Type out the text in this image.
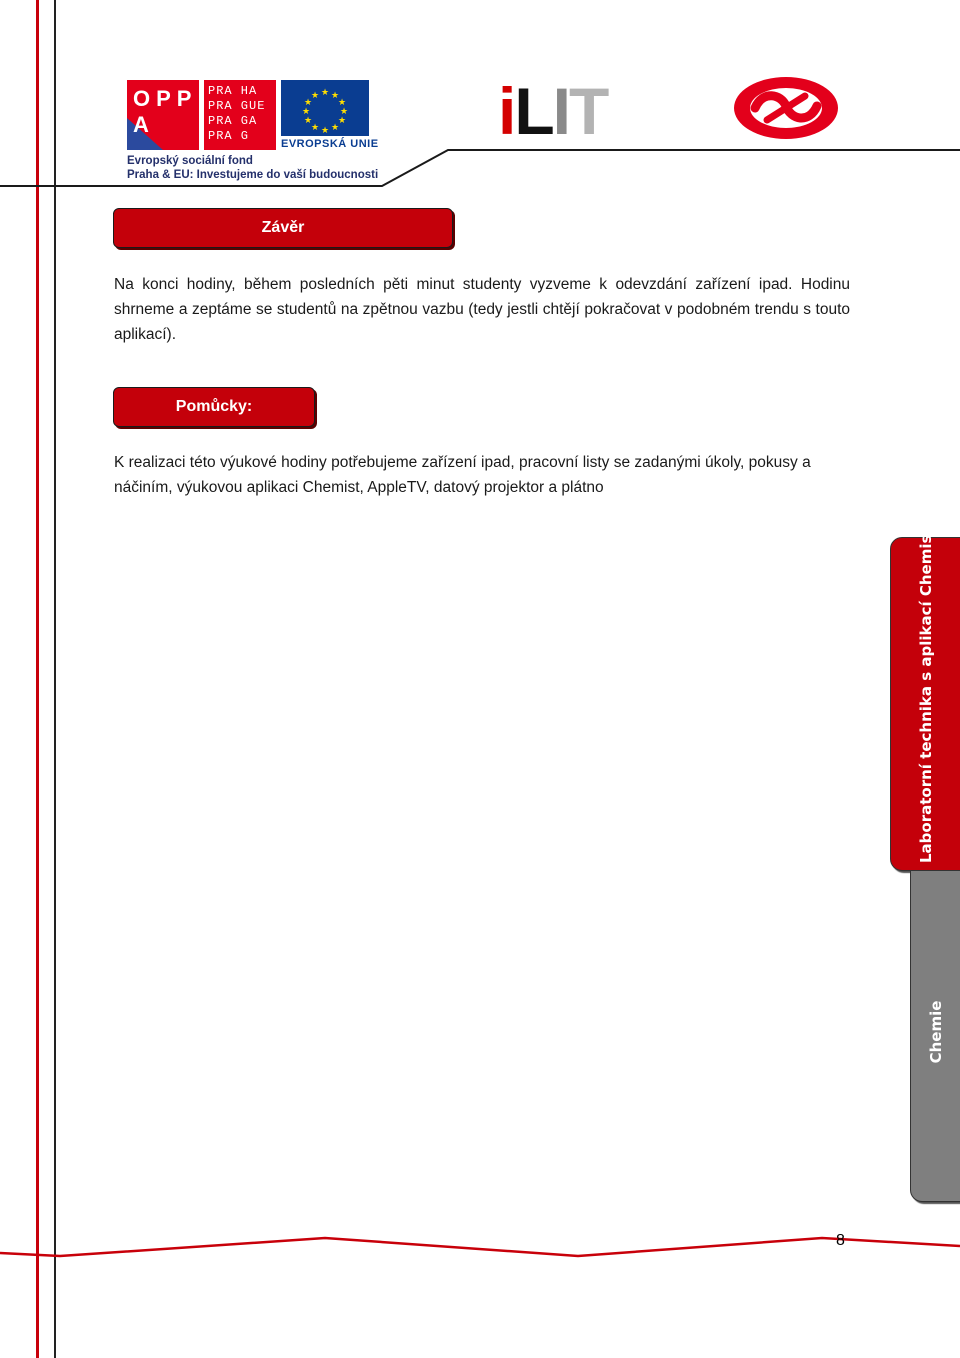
OPP A
PRA HA
PRA GUE
PRA GA
PRA G
★ ★
★
★
★
★
★
★
★
★
★
★
EVROPSKÁ UNIE
Evropský sociální fond
Praha & EU: Investujeme do vaší budoucnosti
iLIT
Závěr
Na konci hodiny, během posledních pěti minut studenty vyzveme k odevzdání zařízení ipad. Hodinu shrneme a zeptáme se studentů na zpětnou vazbu (tedy jestli chtějí pokračovat v podobném trendu s touto aplikací).
Pomůcky:
K realizaci této výukové hodiny potřebujeme zařízení ipad, pracovní listy se zadanými úkoly, pokusy a náčiním, výukovou aplikaci Chemist, AppleTV, datový projektor a plátno
Laboratorní technika s aplikací Chemist
Chemie
8
